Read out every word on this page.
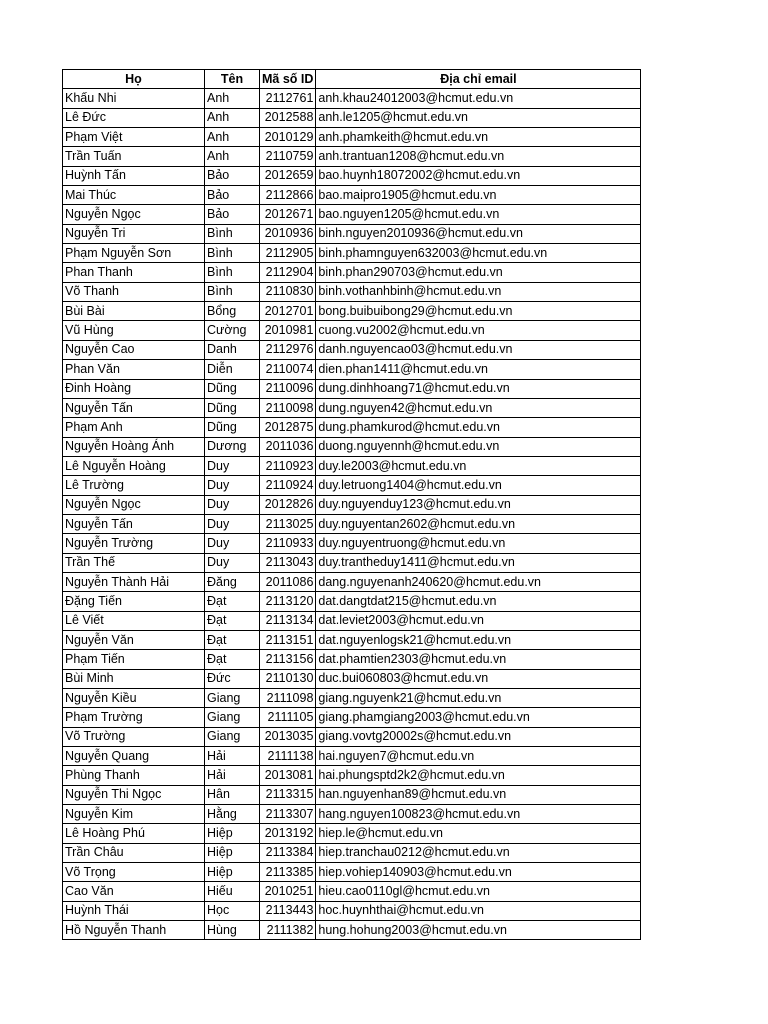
Họ	Tên	Mã số ID	Địa chỉ email
Khấu Nhi	Anh	2112761	anh.khau24012003@hcmut.edu.vn
Lê Đức	Anh	2012588	anh.le1205@hcmut.edu.vn
Phạm Việt	Anh	2010129	anh.phamkeith@hcmut.edu.vn
Trần Tuấn	Anh	2110759	anh.trantuan1208@hcmut.edu.vn
Huỳnh Tấn	Bảo	2012659	bao.huynh18072002@hcmut.edu.vn
Mai Thúc	Bảo	2112866	bao.maipro1905@hcmut.edu.vn
Nguyễn Ngọc	Bảo	2012671	bao.nguyen1205@hcmut.edu.vn
Nguyễn Tri	Bình	2010936	binh.nguyen2010936@hcmut.edu.vn
Phạm Nguyễn Sơn	Bình	2112905	binh.phamnguyen632003@hcmut.edu.vn
Phan Thanh	Bình	2112904	binh.phan290703@hcmut.edu.vn
Võ Thanh	Bình	2110830	binh.vothanhbinh@hcmut.edu.vn
Bùi Bài	Bổng	2012701	bong.buibuibong29@hcmut.edu.vn
Vũ Hùng	Cường	2010981	cuong.vu2002@hcmut.edu.vn
Nguyễn Cao	Danh	2112976	danh.nguyencao03@hcmut.edu.vn
Phan Văn	Diễn	2110074	dien.phan1411@hcmut.edu.vn
Đinh Hoàng	Dũng	2110096	dung.dinhhoang71@hcmut.edu.vn
Nguyễn Tấn	Dũng	2110098	dung.nguyen42@hcmut.edu.vn
Phạm Anh	Dũng	2012875	dung.phamkurod@hcmut.edu.vn
Nguyễn Hoàng Ánh	Dương	2011036	duong.nguyennh@hcmut.edu.vn
Lê Nguyễn Hoàng	Duy	2110923	duy.le2003@hcmut.edu.vn
Lê Trường	Duy	2110924	duy.letruong1404@hcmut.edu.vn
Nguyễn Ngọc	Duy	2012826	duy.nguyenduy123@hcmut.edu.vn
Nguyễn Tấn	Duy	2113025	duy.nguyentan2602@hcmut.edu.vn
Nguyễn Trường	Duy	2110933	duy.nguyentruong@hcmut.edu.vn
Trần Thế	Duy	2113043	duy.trantheduy1411@hcmut.edu.vn
Nguyễn Thành Hải	Đăng	2011086	dang.nguyenanh240620@hcmut.edu.vn
Đặng Tiến	Đạt	2113120	dat.dangtdat215@hcmut.edu.vn
Lê Viết	Đạt	2113134	dat.leviet2003@hcmut.edu.vn
Nguyễn Văn	Đạt	2113151	dat.nguyenlogsk21@hcmut.edu.vn
Phạm Tiến	Đạt	2113156	dat.phamtien2303@hcmut.edu.vn
Bùi Minh	Đức	2110130	duc.bui060803@hcmut.edu.vn
Nguyễn Kiều	Giang	2111098	giang.nguyenk21@hcmut.edu.vn
Phạm Trường	Giang	2111105	giang.phamgiang2003@hcmut.edu.vn
Võ Trường	Giang	2013035	giang.vovtg20002s@hcmut.edu.vn
Nguyễn Quang	Hải	2111138	hai.nguyen7@hcmut.edu.vn
Phùng Thanh	Hải	2013081	hai.phungsptd2k2@hcmut.edu.vn
Nguyễn Thi Ngọc	Hân	2113315	han.nguyenhan89@hcmut.edu.vn
Nguyễn Kim	Hằng	2113307	hang.nguyen100823@hcmut.edu.vn
Lê Hoàng Phú	Hiệp	2013192	hiep.le@hcmut.edu.vn
Trần Châu	Hiệp	2113384	hiep.tranchau0212@hcmut.edu.vn
Võ Trọng	Hiệp	2113385	hiep.vohiep140903@hcmut.edu.vn
Cao Văn	Hiếu	2010251	hieu.cao0110gl@hcmut.edu.vn
Huỳnh Thái	Học	2113443	hoc.huynhthai@hcmut.edu.vn
Hồ Nguyễn Thanh	Hùng	2111382	hung.hohung2003@hcmut.edu.vn
